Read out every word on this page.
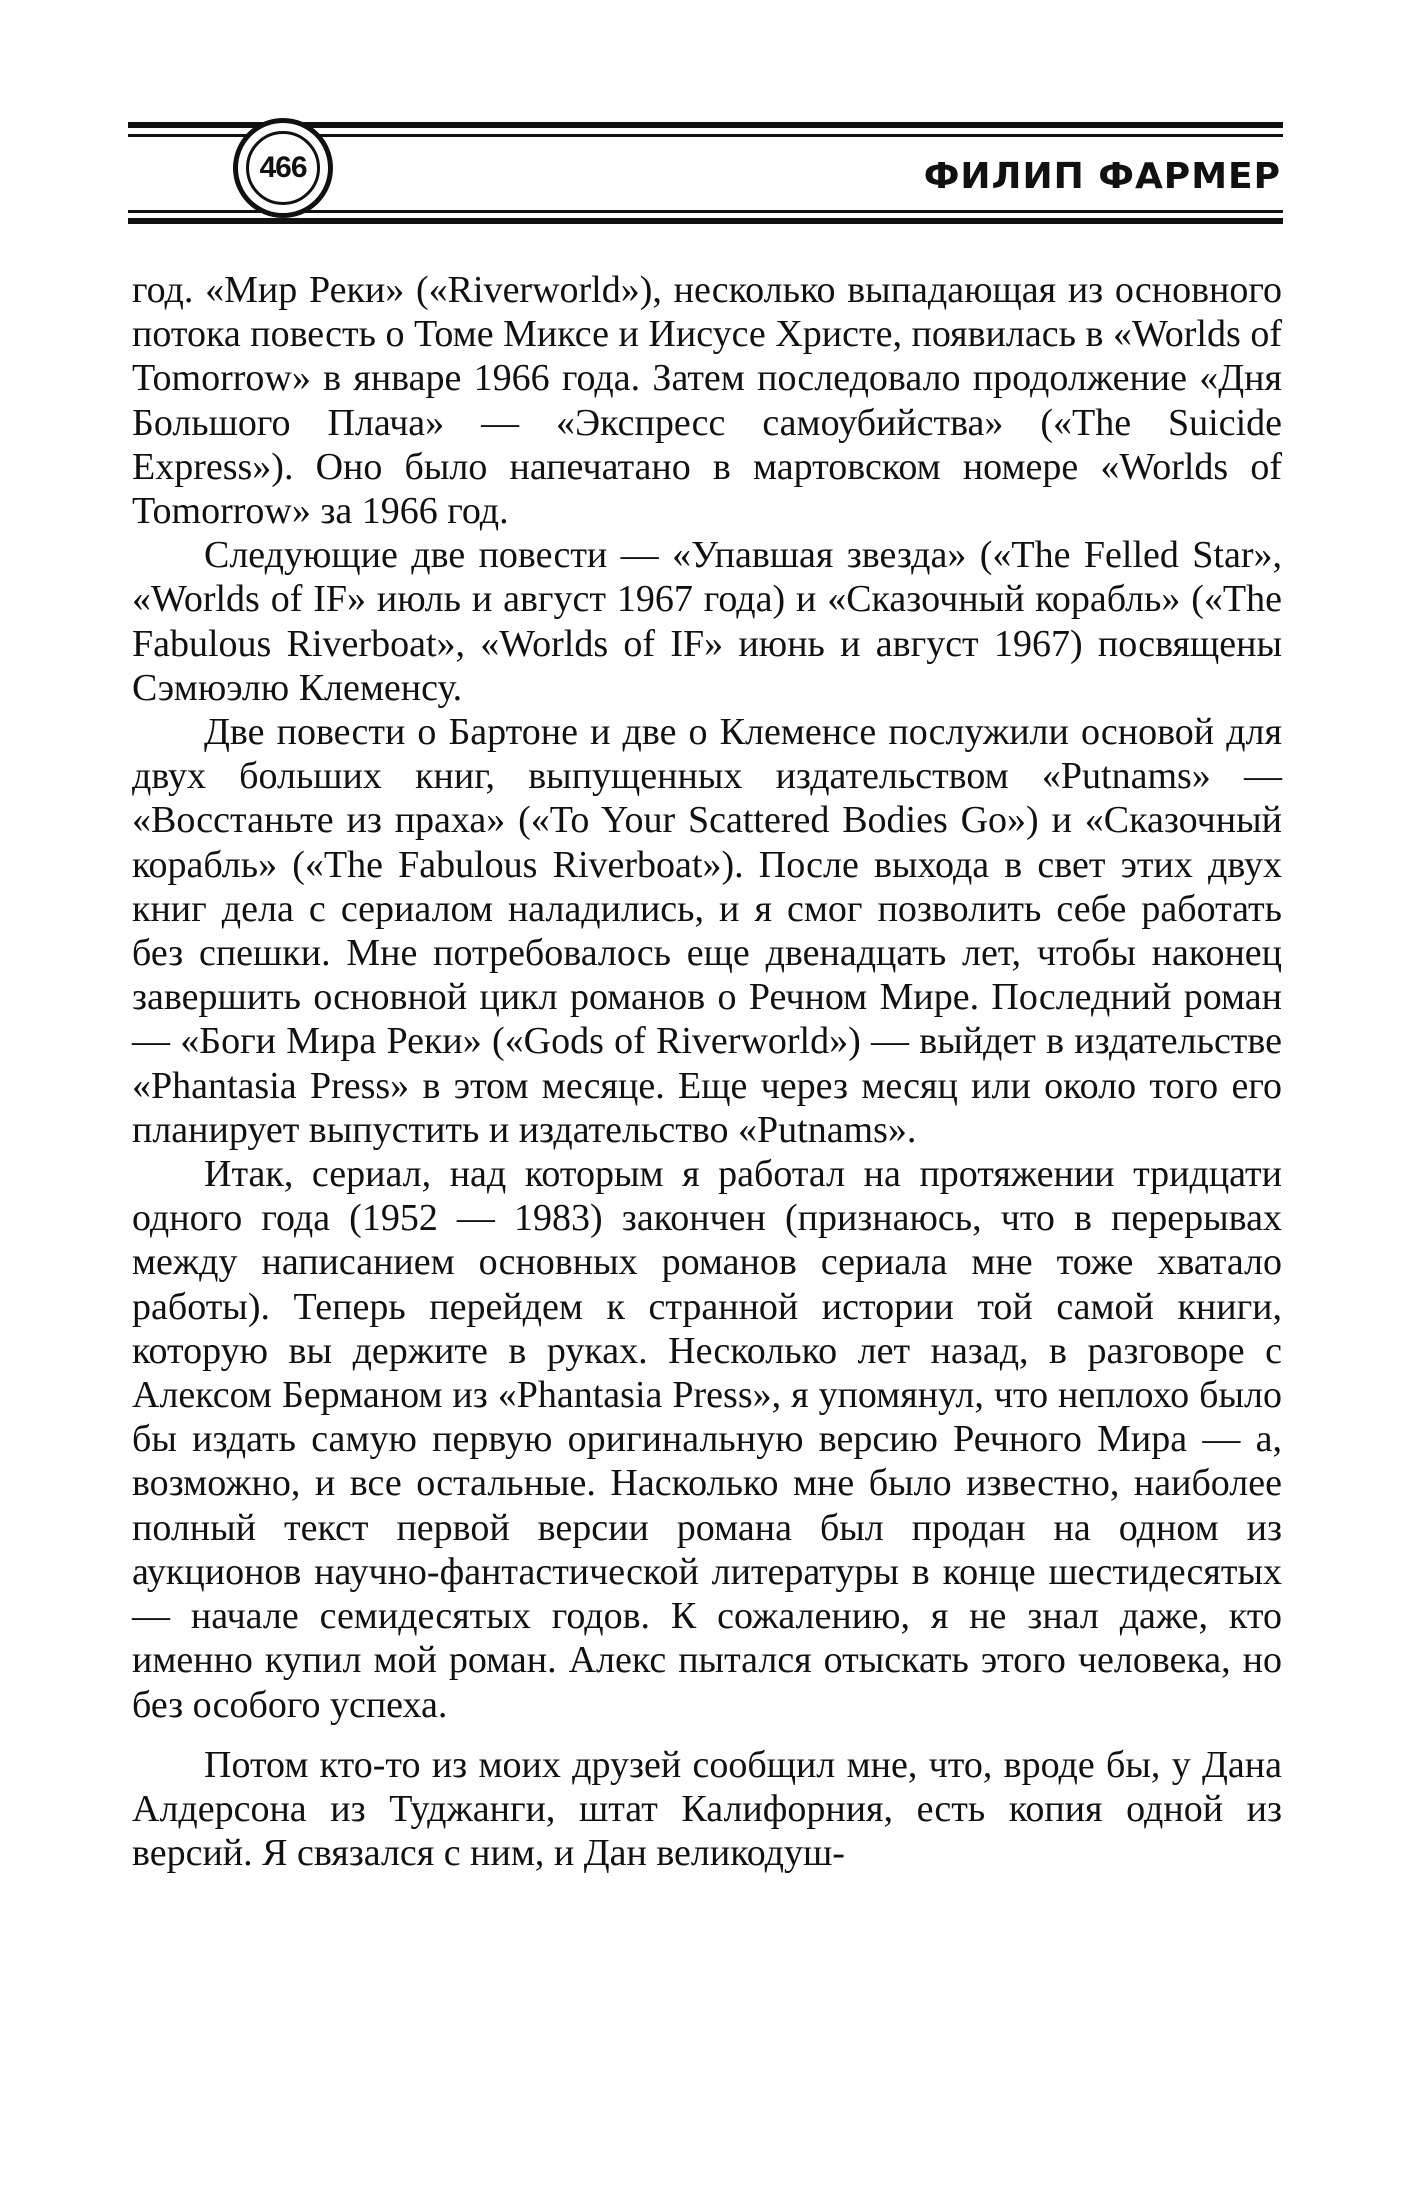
466	ФИЛИП ФАРМЕР

год. «Мир Реки» («Riverworld»), несколько выпадающая из основного потока повесть о Томе Миксе и Иисусе Христе, появилась в «Worlds of Tomorrow» в январе 1966 года. Затем последовало продолжение «Дня Большого Плача» — «Экспресс самоубийства» («The Suicide Express»). Оно было напечатано в мартовском номере «Worlds of Tomorrow» за 1966 год.

Следующие две повести — «Упавшая звезда» («The Felled Star», «Worlds of IF» июль и август 1967 года) и «Сказочный корабль» («The Fabulous Riverboat», «Worlds of IF» июнь и август 1967) посвящены Сэмюэлю Клеменсу.

Две повести о Бартоне и две о Клеменсе послужили основой для двух больших книг, выпущенных издательством «Putnams» — «Восстаньте из праха» («To Your Scattered Bodies Go») и «Сказочный корабль» («The Fabulous Riverboat»). После выхода в свет этих двух книг дела с сериалом наладились, и я смог позволить себе работать без спешки. Мне потребовалось еще двенадцать лет, чтобы наконец завершить основной цикл романов о Речном Мире. Последний роман — «Боги Мира Реки» («Gods of Riverworld») — выйдет в издательстве «Phantasia Press» в этом месяце. Еще через месяц или около того его планирует выпустить и издательство «Putnams».

Итак, сериал, над которым я работал на протяжении тридцати одного года (1952 — 1983) закончен (признаюсь, что в перерывах между написанием основных романов сериала мне тоже хватало работы). Теперь перейдем к странной истории той самой книги, которую вы держите в руках. Несколько лет назад, в разговоре с Алексом Берманом из «Phantasia Press», я упомянул, что неплохо было бы издать самую первую оригинальную версию Речного Мира — а, возможно, и все остальные. Насколько мне было известно, наиболее полный текст первой версии романа был продан на одном из аукционов научно-фантастической литературы в конце шестидесятых — начале семидесятых годов. К сожалению, я не знал даже, кто именно купил мой роман. Алекс пытался отыскать этого человека, но без особого успеха.

Потом кто-то из моих друзей сообщил мне, что, вроде бы, у Дана Алдерсона из Туджанги, штат Калифорния, есть копия одной из версий. Я связался с ним, и Дан великодуш-
